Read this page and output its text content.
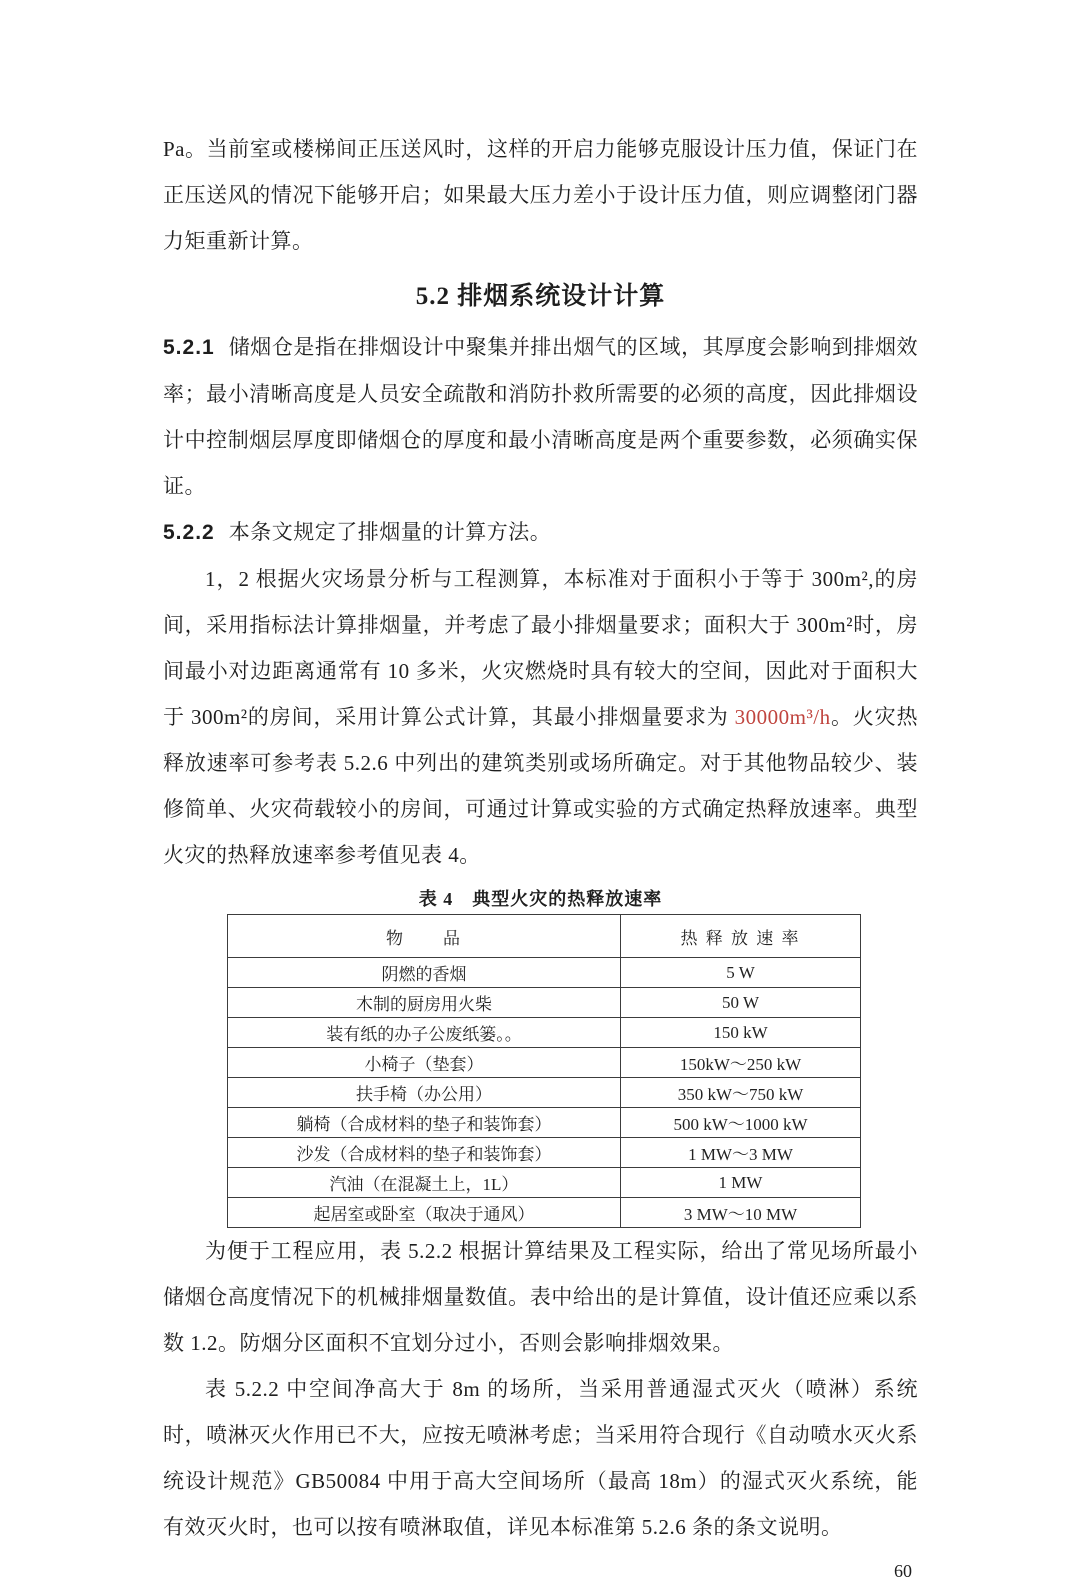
Pa。当前室或楼梯间正压送风时，这样的开启力能够克服设计压力值，保证门在正压送风的情况下能够开启；如果最大压力差小于设计压力值，则应调整闭门器力矩重新计算。

5.2 排烟系统设计计算

5.2.1 储烟仓是指在排烟设计中聚集并排出烟气的区域，其厚度会影响到排烟效率；最小清晰高度是人员安全疏散和消防扑救所需要的必须的高度，因此排烟设计中控制烟层厚度即储烟仓的厚度和最小清晰高度是两个重要参数，必须确实保证。

5.2.2 本条文规定了排烟量的计算方法。

1，2 根据火灾场景分析与工程测算，本标准对于面积小于等于 300m²,的房间，采用指标法计算排烟量，并考虑了最小排烟量要求；面积大于 300m²时，房间最小对边距离通常有 10 多米，火灾燃烧时具有较大的空间，因此对于面积大于 300m²的房间，采用计算公式计算，其最小排烟量要求为 30000m³/h。火灾热释放速率可参考表 5.2.6 中列出的建筑类别或场所确定。对于其他物品较少、装修简单、火灾荷载较小的房间，可通过计算或实验的方式确定热释放速率。典型火灾的热释放速率参考值见表 4。

表 4　典型火灾的热释放速率
物　　品	热 释 放 速 率
阴燃的香烟	5 W
木制的厨房用火柴	50 W
装有纸的办子公废纸篓。。	150 kW
小椅子（垫套）	150kW～250 kW
扶手椅（办公用）	350 kW～750 kW
躺椅（合成材料的垫子和装饰套）	500 kW～1000 kW
沙发（合成材料的垫子和装饰套）	1 MW～3 MW
汽油（在混凝土上，1L）	1 MW
起居室或卧室（取决于通风）	3 MW～10 MW

为便于工程应用，表 5.2.2 根据计算结果及工程实际，给出了常见场所最小储烟仓高度情况下的机械排烟量数值。表中给出的是计算值，设计值还应乘以系数 1.2。防烟分区面积不宜划分过小，否则会影响排烟效果。

表 5.2.2 中空间净高大于 8m 的场所，当采用普通湿式灭火（喷淋）系统时，喷淋灭火作用已不大，应按无喷淋考虑；当采用符合现行《自动喷水灭火系统设计规范》GB50084 中用于高大空间场所（最高 18m）的湿式灭火系统，能有效灭火时，也可以按有喷淋取值，详见本标准第 5.2.6 条的条文说明。

60
